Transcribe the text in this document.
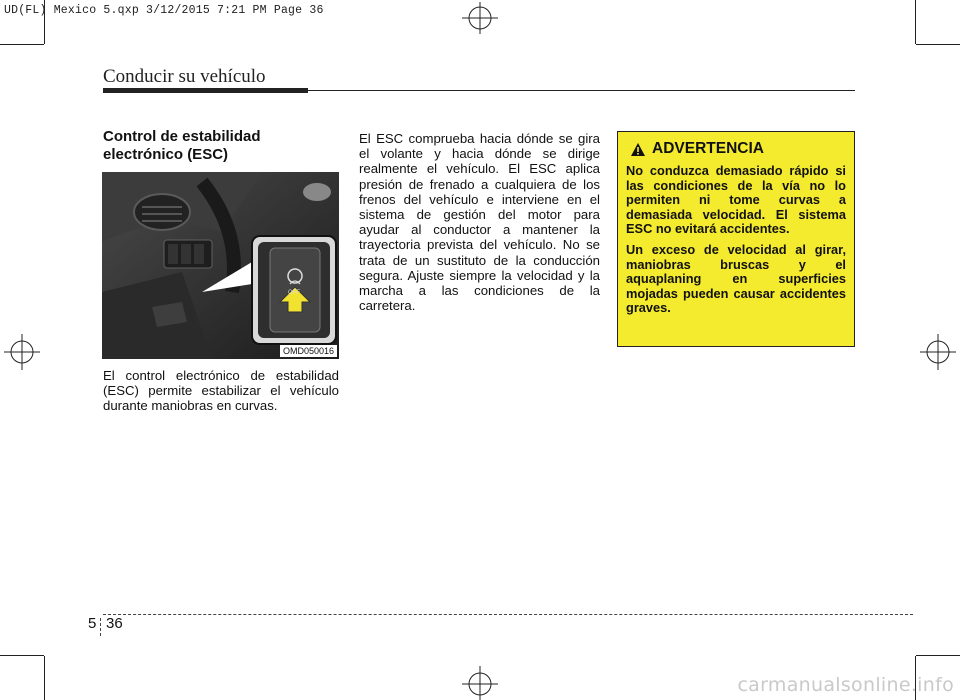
UD(FL) Mexico 5.qxp 3/12/2015 7:21 PM Page 36
Conducir su vehículo
Control de estabilidad electrónico (ESC)
OFF
OMD050016
El control electrónico de estabilidad (ESC) permite estabilizar el vehículo durante maniobras en curvas.
El ESC comprueba hacia dónde se gira el volante y hacia dónde se dirige realmente el vehículo. El ESC aplica presión de frenado a cualquiera de los frenos del vehículo e interviene en el sistema de gestión del motor para ayudar al conductor a mantener la trayectoria prevista del vehículo. No se trata de un sustituto de la conducción segura. Ajuste siempre la velocidad y la marcha a las condiciones de la carretera.
ADVERTENCIA

No conduzca demasiado rápido si las condiciones de la vía no lo permiten ni tome curvas a demasiada velocidad. El sistema ESC no evitará accidentes.

Un exceso de velocidad al girar, maniobras bruscas y el aquaplaning en superficies mojadas pueden causar accidentes graves.

5 36
carmanualsonline.info
